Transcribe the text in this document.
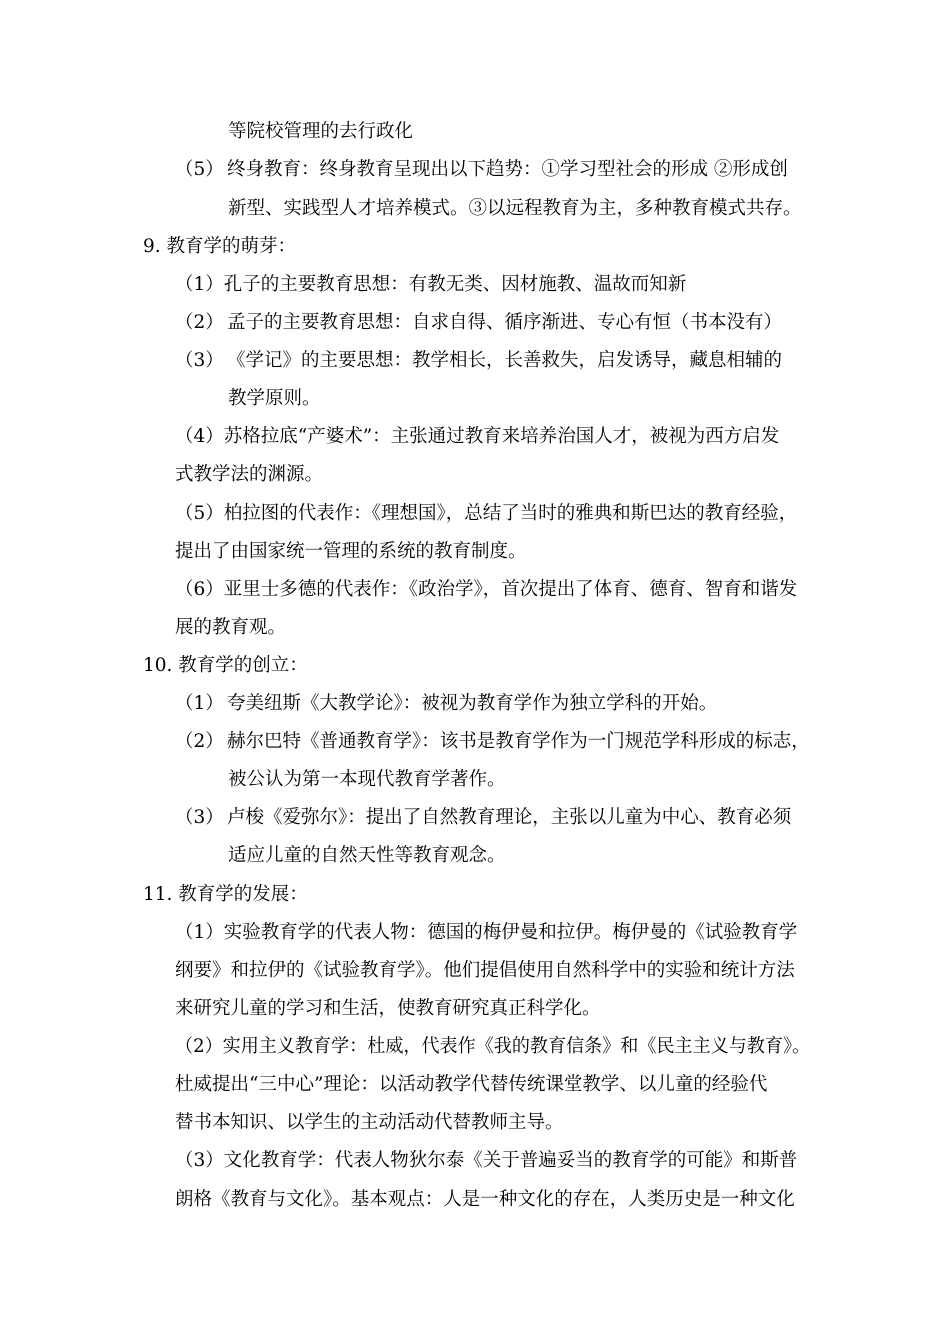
等院校管理的去行政化
（5） 终身教育：终身教育呈现出以下趋势：①学习型社会的形成 ②形成创
新型、实践型人才培养模式。③以远程教育为主，多种教育模式共存。
9. 教育学的萌芽：
（1）孔子的主要教育思想：有教无类、因材施教、温故而知新
（2） 孟子的主要教育思想：自求自得、循序渐进、专心有恒（书本没有）
（3） 《学记》的主要思想：教学相长，长善救失，启发诱导，藏息相辅的
教学原则。
（4）苏格拉底“产婆术”：主张通过教育来培养治国人才，被视为西方启发
式教学法的渊源。
（5）柏拉图的代表作：《理想国》，总结了当时的雅典和斯巴达的教育经验，
提出了由国家统一管理的系统的教育制度。
（6）亚里士多德的代表作：《政治学》，首次提出了体育、德育、智育和谐发
展的教育观。
10. 教育学的创立：
（1） 夸美纽斯《大教学论》：被视为教育学作为独立学科的开始。
（2） 赫尔巴特《普通教育学》：该书是教育学作为一门规范学科形成的标志，
被公认为第一本现代教育学著作。
（3） 卢梭《爱弥尔》：提出了自然教育理论，主张以儿童为中心、教育必须
适应儿童的自然天性等教育观念。
11. 教育学的发展：
（1）实验教育学的代表人物：德国的梅伊曼和拉伊。梅伊曼的《试验教育学
纲要》和拉伊的《试验教育学》。他们提倡使用自然科学中的实验和统计方法
来研究儿童的学习和生活，使教育研究真正科学化。
（2）实用主义教育学：杜威，代表作《我的教育信条》和《民主主义与教育》。
杜威提出“三中心”理论：以活动教学代替传统课堂教学、以儿童的经验代
替书本知识、以学生的主动活动代替教师主导。
（3）文化教育学：代表人物狄尔泰《关于普遍妥当的教育学的可能》和斯普
朗格《教育与文化》。基本观点：人是一种文化的存在，人类历史是一种文化
